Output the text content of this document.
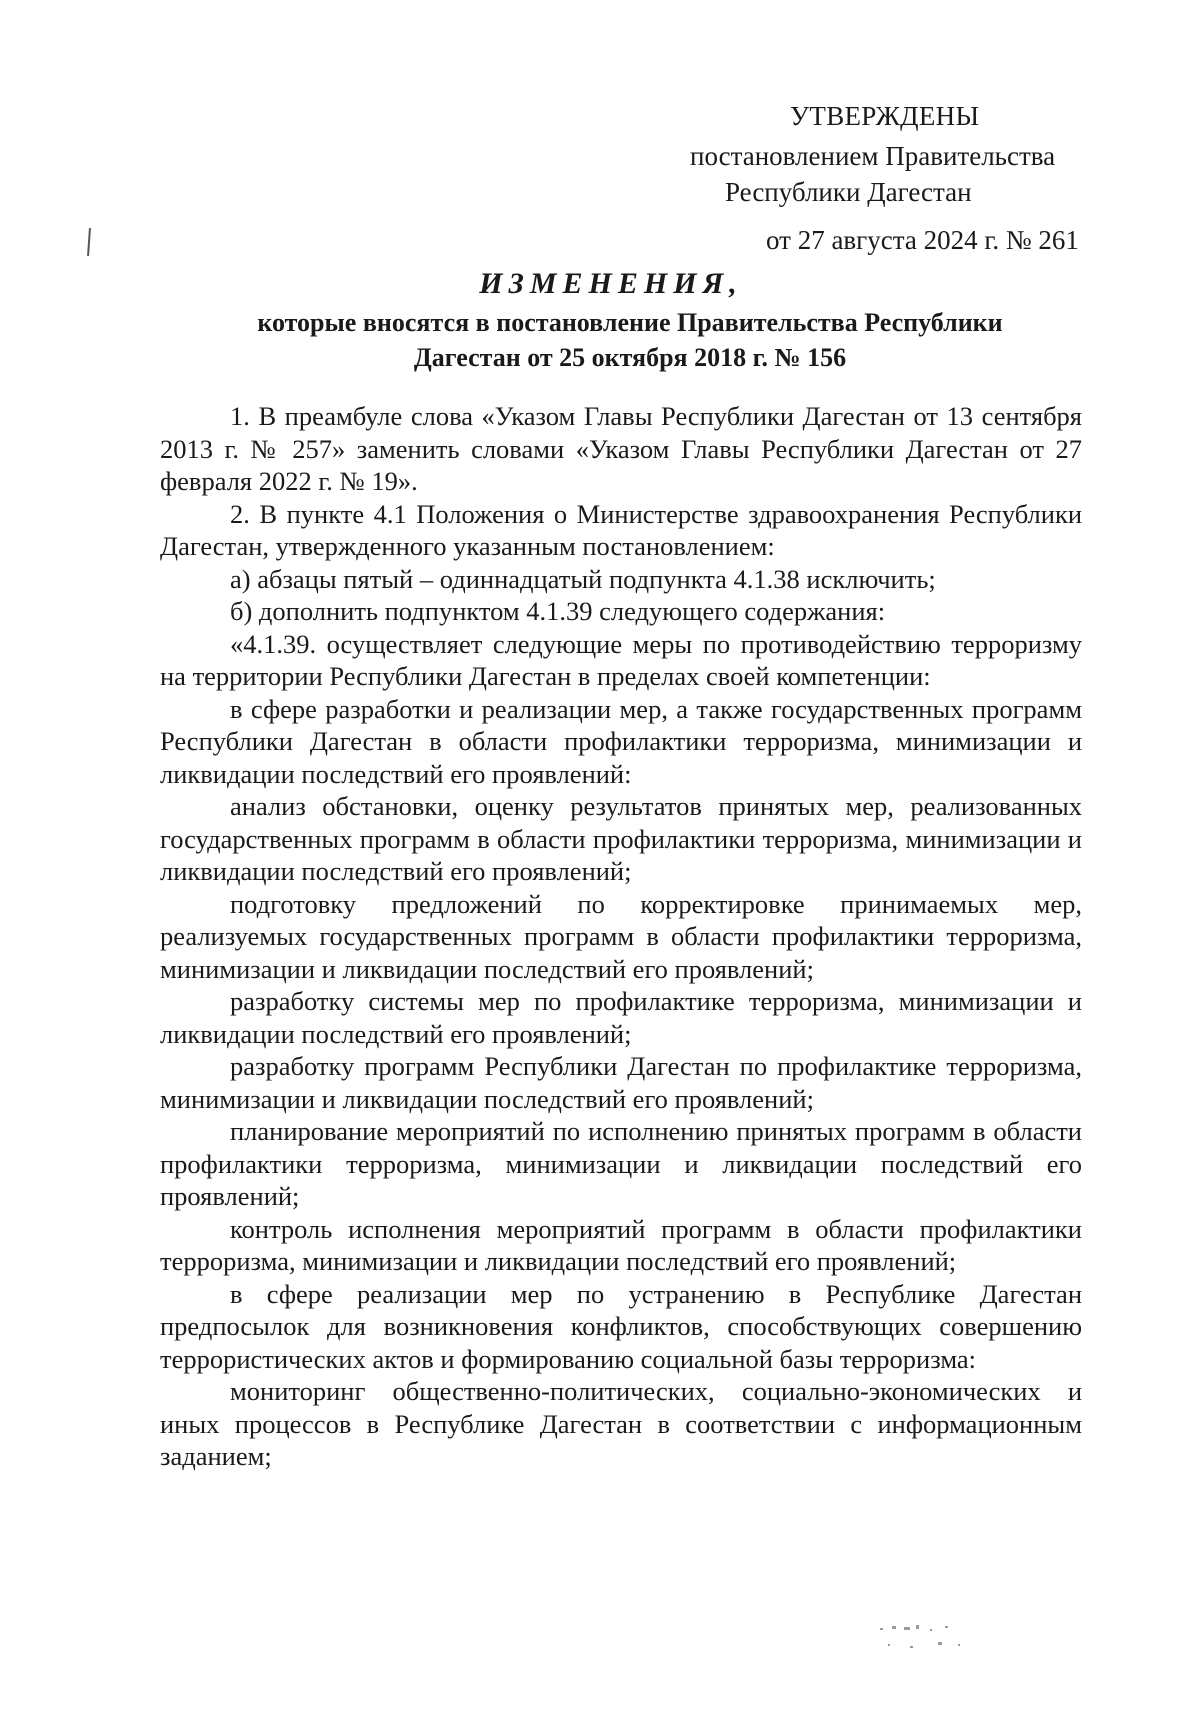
УТВЕРЖДЕНЫ
постановлением Правительства
Республики Дагестан
от 27 августа 2024 г. № 261
ИЗМЕНЕНИЯ,
которые вносятся в постановление Правительства Республики
Дагестан от 25 октября 2018 г. № 156

1. В преамбуле слова «Указом Главы Республики Дагестан от 13 сентября 2013 г. № 257» заменить словами «Указом Главы Республики Дагестан от 27 февраля 2022 г. № 19».

2. В пункте 4.1 Положения о Министерстве здравоохранения Республики Дагестан, утвержденного указанным постановлением:

а) абзацы пятый – одиннадцатый подпункта 4.1.38 исключить;

б) дополнить подпунктом 4.1.39 следующего содержания:

«4.1.39. осуществляет следующие меры по противодействию терроризму на территории Республики Дагестан в пределах своей компетенции:

в сфере разработки и реализации мер, а также государственных программ Республики Дагестан в области профилактики терроризма, минимизации и ликвидации последствий его проявлений:

анализ обстановки, оценку результатов принятых мер, реализованных государственных программ в области профилактики терроризма, минимизации и ликвидации последствий его проявлений;

подготовку предложений по корректировке принимаемых мер, реализуемых государственных программ в области профилактики терроризма, минимизации и ликвидации последствий его проявлений;

разработку системы мер по профилактике терроризма, минимизации и ликвидации последствий его проявлений;

разработку программ Республики Дагестан по профилактике терроризма, минимизации и ликвидации последствий его проявлений;

планирование мероприятий по исполнению принятых программ в области профилактики терроризма, минимизации и ликвидации последствий его проявлений;

контроль исполнения мероприятий программ в области профилактики терроризма, минимизации и ликвидации последствий его проявлений;

в сфере реализации мер по устранению в Республике Дагестан предпосылок для возникновения конфликтов, способствующих совершению террористических актов и формированию социальной базы терроризма:

мониторинг общественно-политических, социально-экономических и иных процессов в Республике Дагестан в соответствии с информационным заданием;
